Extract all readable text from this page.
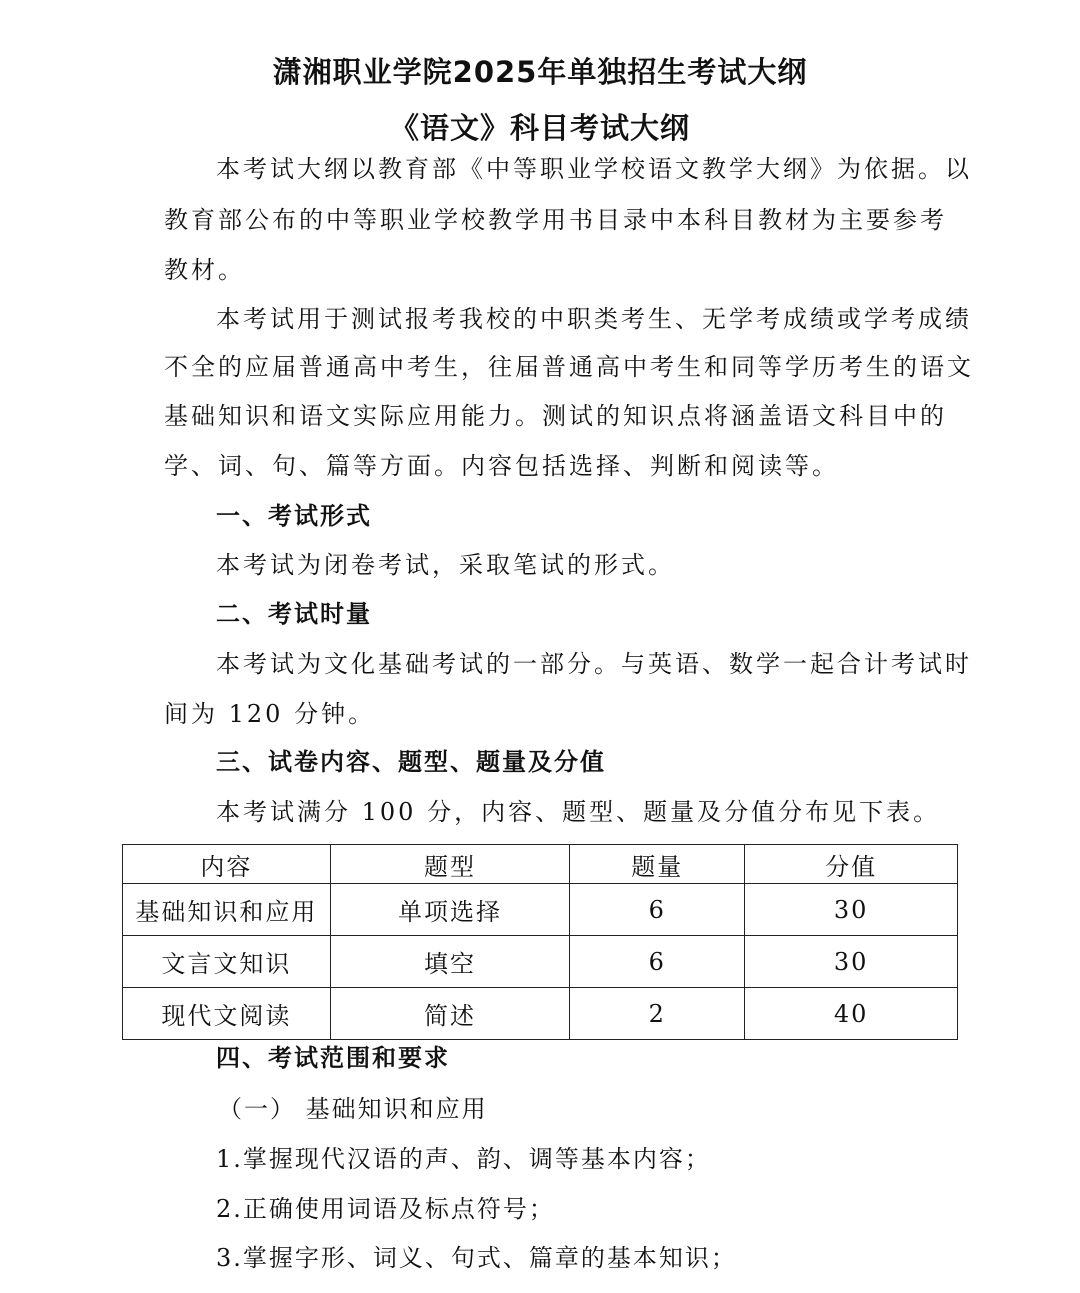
潇湘职业学院2025年单独招生考试大纲
《语文》科目考试大纲
本考试大纲以教育部《中等职业学校语文教学大纲》为依据。以
教育部公布的中等职业学校教学用书目录中本科目教材为主要参考
教材。
本考试用于测试报考我校的中职类考生、无学考成绩或学考成绩
不全的应届普通高中考生，往届普通高中考生和同等学历考生的语文
基础知识和语文实际应用能力。测试的知识点将涵盖语文科目中的
学、词、句、篇等方面。内容包括选择、判断和阅读等。
一、考试形式
本考试为闭卷考试，采取笔试的形式。
二、考试时量
本考试为文化基础考试的一部分。与英语、数学一起合计考试时
间为 120 分钟。
三、试卷内容、题型、题量及分值
本考试满分 100 分，内容、题型、题量及分值分布见下表。
内容	题型	题量	分值
基础知识和应用	单项选择	6	30
文言文知识	填空	6	30
现代文阅读	简述	2	40
四、考试范围和要求
（一） 基础知识和应用
1.掌握现代汉语的声、韵、调等基本内容；
2.正确使用词语及标点符号；
3.掌握字形、词义、句式、篇章的基本知识；
